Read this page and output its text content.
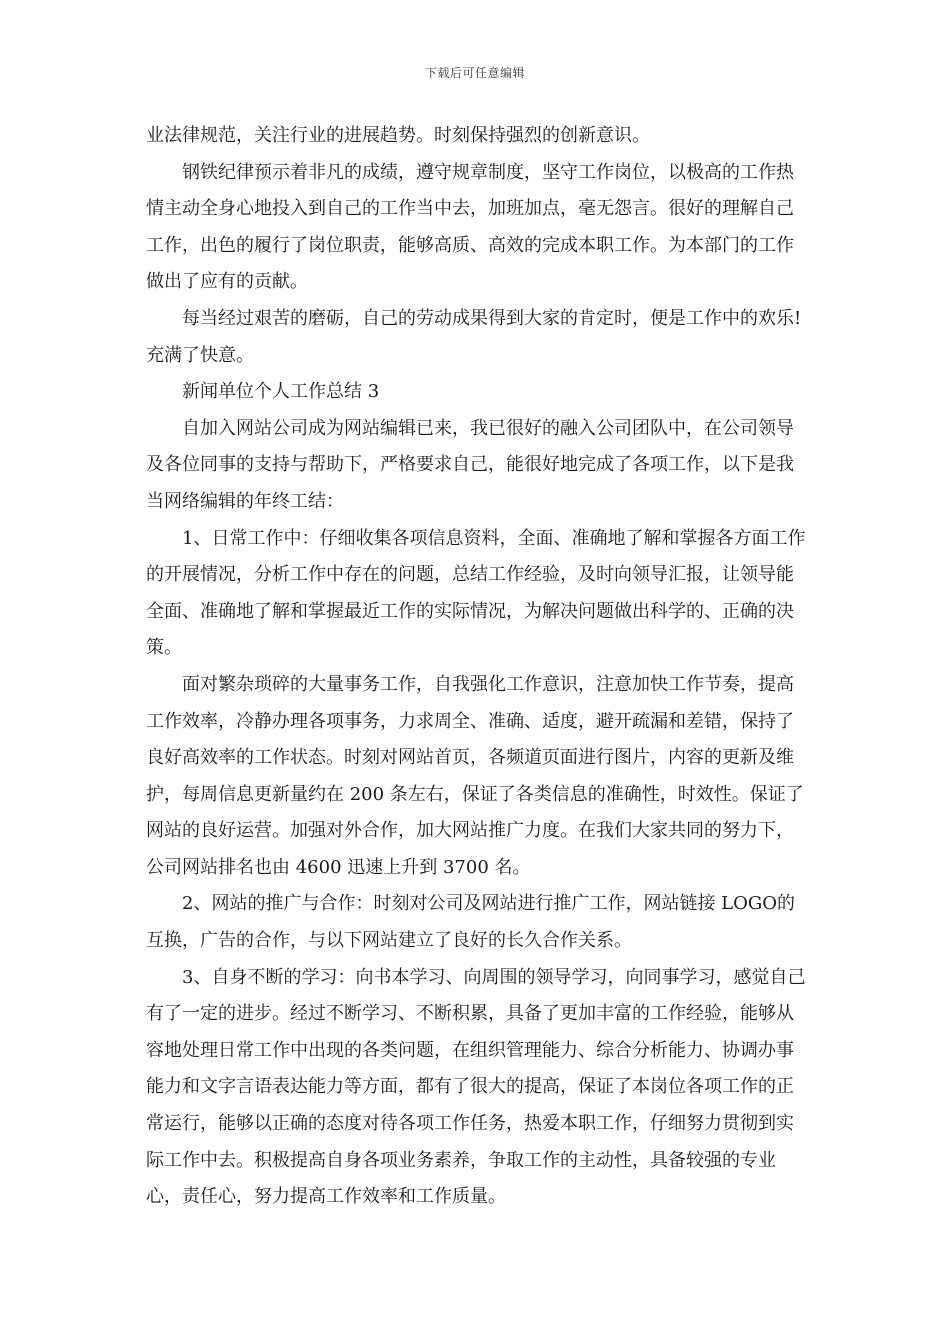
下载后可任意编辑

业法律规范，关注行业的进展趋势。时刻保持强烈的创新意识。

钢铁纪律预示着非凡的成绩，遵守规章制度，坚守工作岗位，以极高的工作热情主动全身心地投入到自己的工作当中去，加班加点，毫无怨言。很好的理解自己工作，出色的履行了岗位职责，能够高质、高效的完成本职工作。为本部门的工作做出了应有的贡献。

每当经过艰苦的磨砺，自己的劳动成果得到大家的肯定时，便是工作中的欢乐!充满了快意。

新闻单位个人工作总结 3

自加入网站公司成为网站编辑已来，我已很好的融入公司团队中，在公司领导及各位同事的支持与帮助下，严格要求自己，能很好地完成了各项工作，以下是我当网络编辑的年终工结：

1、日常工作中：仔细收集各项信息资料，全面、准确地了解和掌握各方面工作的开展情况，分析工作中存在的问题，总结工作经验，及时向领导汇报，让领导能全面、准确地了解和掌握最近工作的实际情况，为解决问题做出科学的、正确的决策。

面对繁杂琐碎的大量事务工作，自我强化工作意识，注意加快工作节奏，提高工作效率，冷静办理各项事务，力求周全、准确、适度，避开疏漏和差错，保持了良好高效率的工作状态。时刻对网站首页，各频道页面进行图片，内容的更新及维护，每周信息更新量约在 200 条左右，保证了各类信息的准确性，时效性。保证了网站的良好运营。加强对外合作，加大网站推广力度。在我们大家共同的努力下，公司网站排名也由 4600 迅速上升到 3700 名。

2、网站的推广与合作：时刻对公司及网站进行推广工作，网站链接 LOGO的互换，广告的合作，与以下网站建立了良好的长久合作关系。

3、自身不断的学习：向书本学习、向周围的领导学习，向同事学习，感觉自己有了一定的进步。经过不断学习、不断积累，具备了更加丰富的工作经验，能够从容地处理日常工作中出现的各类问题，在组织管理能力、综合分析能力、协调办事能力和文字言语表达能力等方面，都有了很大的提高，保证了本岗位各项工作的正常运行，能够以正确的态度对待各项工作任务，热爱本职工作，仔细努力贯彻到实际工作中去。积极提高自身各项业务素养，争取工作的主动性，具备较强的专业心，责任心，努力提高工作效率和工作质量。
